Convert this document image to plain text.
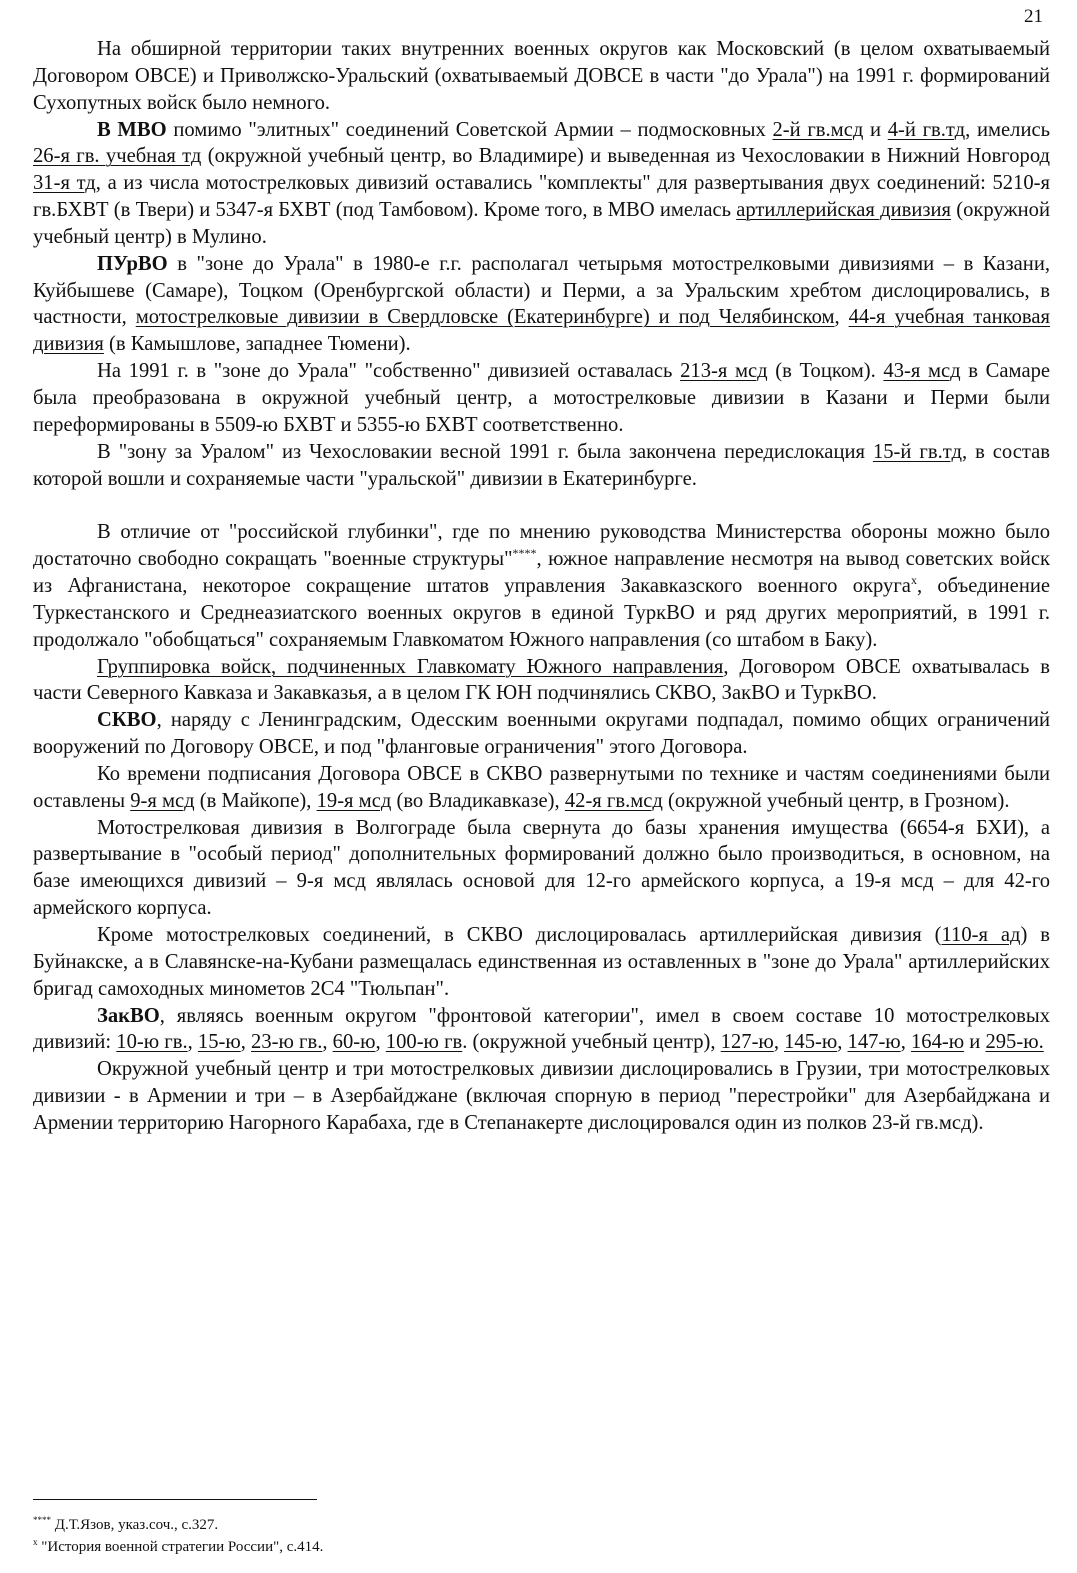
21

На обширной территории таких внутренних военных округов как Московский (в целом охватываемый Договором ОВСЕ) и Приволжско-Уральский (охватываемый ДОВСЕ в части "до Урала") на 1991 г. формирований Сухопутных войск было немного.

В МВО помимо "элитных" соединений Советской Армии – подмосковных 2-й гв.мсд и 4-й гв.тд, имелись 26-я гв. учебная тд (окружной учебный центр, во Владимире) и выведенная из Чехословакии в Нижний Новгород 31-я тд, а из числа мотострелковых дивизий оставались "комплекты" для развертывания двух соединений: 5210-я гв.БХВТ (в Твери) и 5347-я БХВТ (под Тамбовом). Кроме того, в МВО имелась артиллерийская дивизия (окружной учебный центр) в Мулино.

ПУрВО в "зоне до Урала" в 1980-е г.г. располагал четырьмя мотострелковыми дивизиями – в Казани, Куйбышеве (Самаре), Тоцком (Оренбургской области) и Перми, а за Уральским хребтом дислоцировались, в частности, мотострелковые дивизии в Свердловске (Екатеринбурге) и под Челябинском, 44-я учебная танковая дивизия (в Камышлове, западнее Тюмени).

На 1991 г. в "зоне до Урала" "собственно" дивизией оставалась 213-я мсд (в Тоцком). 43-я мсд в Самаре была преобразована в окружной учебный центр, а мотострелковые дивизии в Казани и Перми были переформированы в 5509-ю БХВТ и 5355-ю БХВТ соответственно.

В "зону за Уралом" из Чехословакии весной 1991 г. была закончена передислокация 15-й гв.тд, в состав которой вошли и сохраняемые части "уральской" дивизии в Екатеринбурге.

В отличие от "российской глубинки", где по мнению руководства Министерства обороны можно было достаточно свободно сокращать "военные структуры"****, южное направление несмотря на вывод советских войск из Афганистана, некоторое сокращение штатов управления Закавказского военного округа$^х$, объединение Туркестанского и Среднеазиатского военных округов в единой ТуркВО и ряд других мероприятий, в 1991 г. продолжало "обобщаться" сохраняемым Главкоматом Южного направления (со штабом в Баку).

Группировка войск, подчиненных Главкомату Южного направления, Договором ОВСЕ охватывалась в части Северного Кавказа и Закавказья, а в целом ГК ЮН подчинялись СКВО, ЗакВО и ТуркВО.

СКВО, наряду с Ленинградским, Одесским военными округами подпадал, помимо общих ограничений вооружений по Договору ОВСЕ, и под "фланговые ограничения" этого Договора.

Ко времени подписания Договора ОВСЕ в СКВО развернутыми по технике и частям соединениями были оставлены 9-я мсд (в Майкопе), 19-я мсд (во Владикавказе), 42-я гв.мсд (окружной учебный центр, в Грозном).

Мотострелковая дивизия в Волгограде была свернута до базы хранения имущества (6654-я БХИ), а развертывание в "особый период" дополнительных формирований должно было производиться, в основном, на базе имеющихся дивизий – 9-я мсд являлась основой для 12-го армейского корпуса, а 19-я мсд – для 42-го армейского корпуса.

Кроме мотострелковых соединений, в СКВО дислоцировалась артиллерийская дивизия (110-я ад) в Буйнакске, а в Славянске-на-Кубани размещалась единственная из оставленных в "зоне до Урала" артиллерийских бригад самоходных минометов 2С4 "Тюльпан".

ЗакВО, являясь военным округом "фронтовой категории", имел в своем составе 10 мотострелковых дивизий: 10-ю гв., 15-ю, 23-ю гв., 60-ю, 100-ю гв. (окружной учебный центр), 127-ю, 145-ю, 147-ю, 164-ю и 295-ю.

Окружной учебный центр и три мотострелковых дивизии дислоцировались в Грузии, три мотострелковых дивизии - в Армении и три – в Азербайджане (включая спорную в период "перестройки" для Азербайджана и Армении территорию Нагорного Карабаха, где в Степанакерте дислоцировался один из полков 23-й гв.мсд).

**** Д.Т.Язов, указ.соч., с.327.
$^х$ "История военной стратегии России", с.414.
